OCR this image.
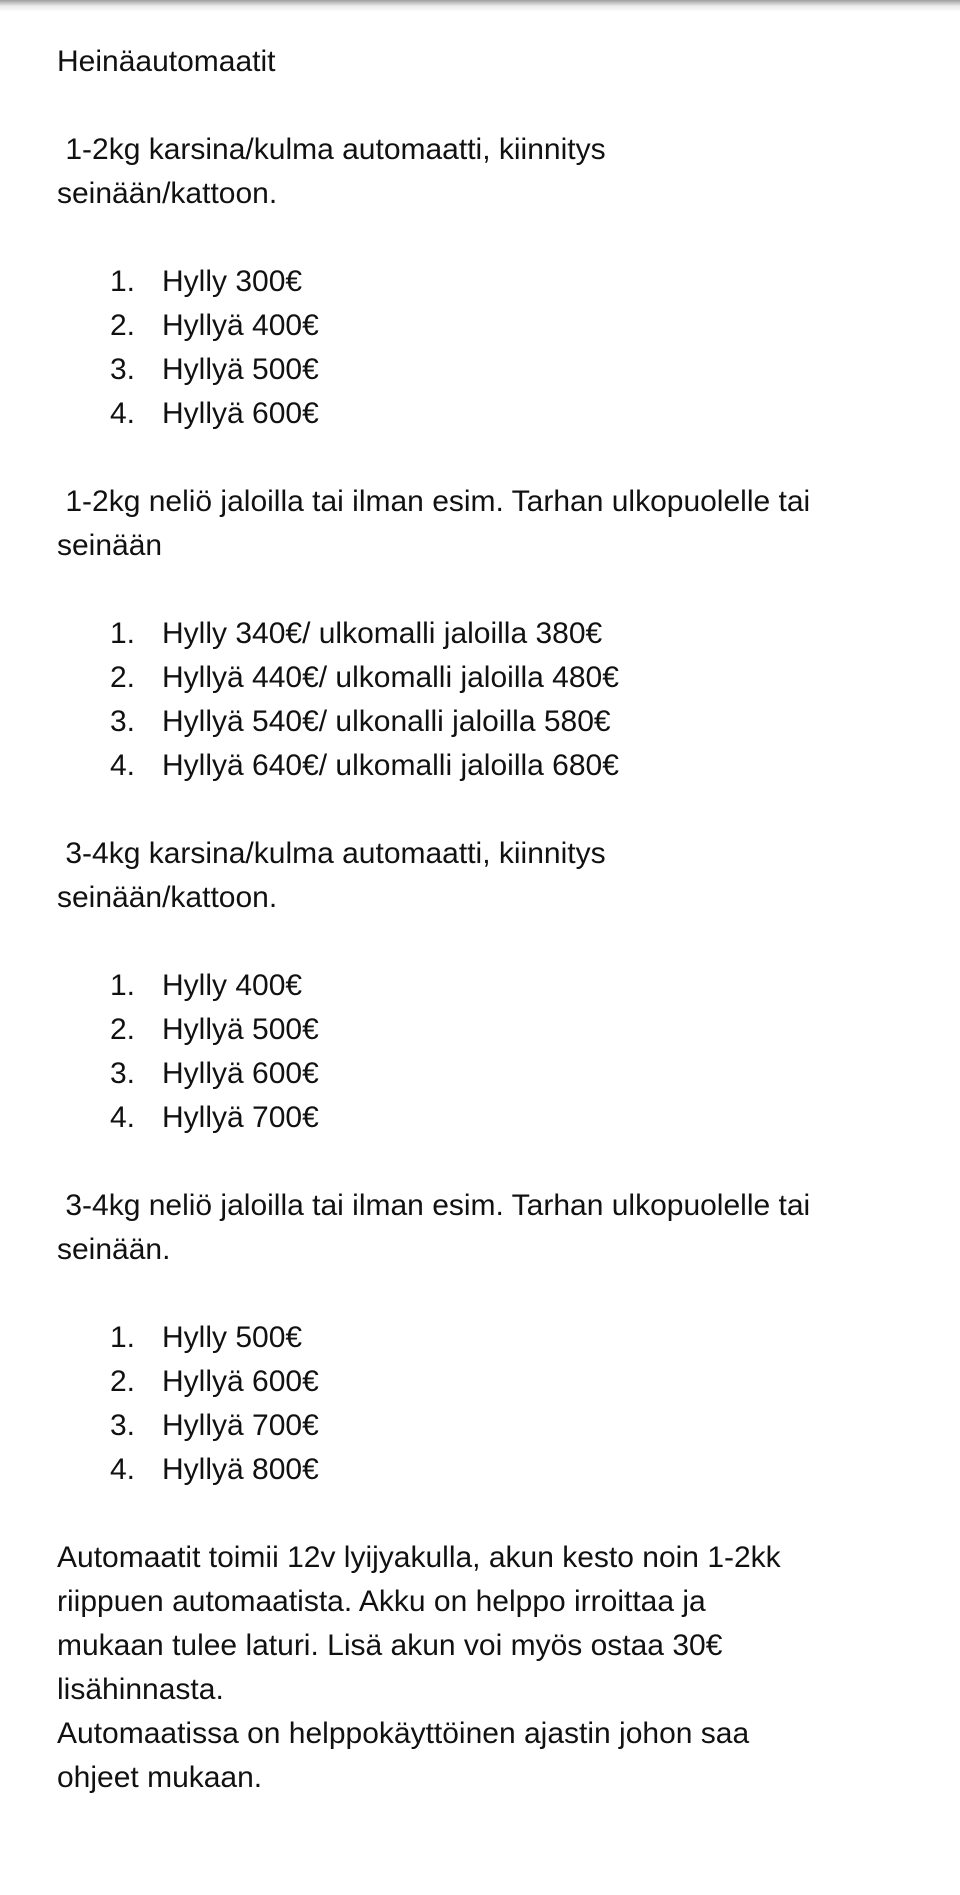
Heinäautomaatit

1-2kg karsina/kulma automaatti, kiinnitys
seinään/kattoon.

1. Hylly 300€
2. Hyllyä 400€
3. Hyllyä 500€
4. Hyllyä 600€

1-2kg neliö jaloilla tai ilman esim. Tarhan ulkopuolelle tai
seinään

1. Hylly 340€/ ulkomalli jaloilla 380€
2. Hyllyä 440€/ ulkomalli jaloilla 480€
3. Hyllyä 540€/ ulkonalli jaloilla 580€
4. Hyllyä 640€/ ulkomalli jaloilla 680€

3-4kg karsina/kulma automaatti, kiinnitys
seinään/kattoon.

1. Hylly 400€
2. Hyllyä 500€
3. Hyllyä 600€
4. Hyllyä 700€

3-4kg neliö jaloilla tai ilman esim. Tarhan ulkopuolelle tai
seinään.

1. Hylly 500€
2. Hyllyä 600€
3. Hyllyä 700€
4. Hyllyä 800€

Automaatit toimii 12v lyijyakulla, akun kesto noin 1-2kk

riippuen automaatista. Akku on helppo irroittaa ja

mukaan tulee laturi. Lisä akun voi myös ostaa 30€

lisähinnasta.

Automaatissa on helppokäyttöinen ajastin johon saa

ohjeet mukaan.
